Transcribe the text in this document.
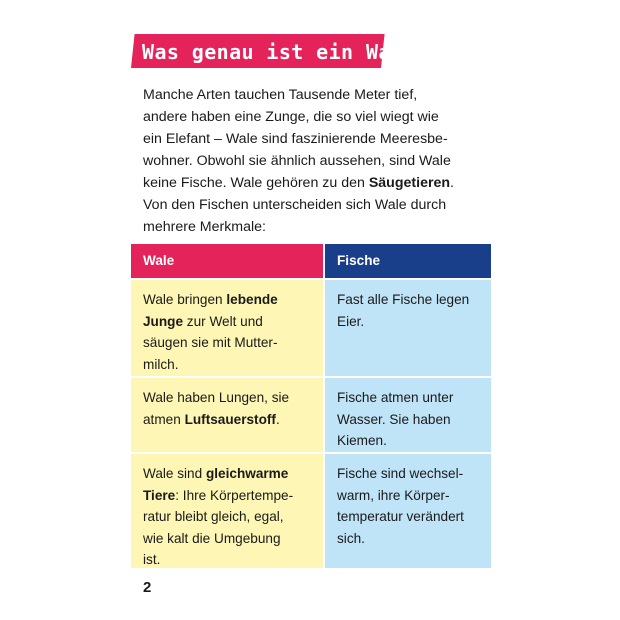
Was genau ist ein Wal?
Manche Arten tauchen Tausende Meter tief,
andere haben eine Zunge, die so viel wiegt wie
ein Elefant – Wale sind faszinierende Meeresbe-
wohner. Obwohl sie ähnlich aussehen, sind Wale
keine Fische. Wale gehören zu den Säugetieren.
Von den Fischen unterscheiden sich Wale durch
mehrere Merkmale:
Wale	Fische
Wale bringen lebende
Junge zur Welt und
säugen sie mit Mutter-
milch.
Fast alle Fische legen
Eier.
Wale haben Lungen, sie
atmen Luftsauerstoff.
Fische atmen unter
Wasser. Sie haben
Kiemen.
Wale sind gleichwarme
Tiere: Ihre Körpertempe-
ratur bleibt gleich, egal,
wie kalt die Umgebung
ist.
Fische sind wechsel-
warm, ihre Körper-
temperatur verändert
sich.
2
